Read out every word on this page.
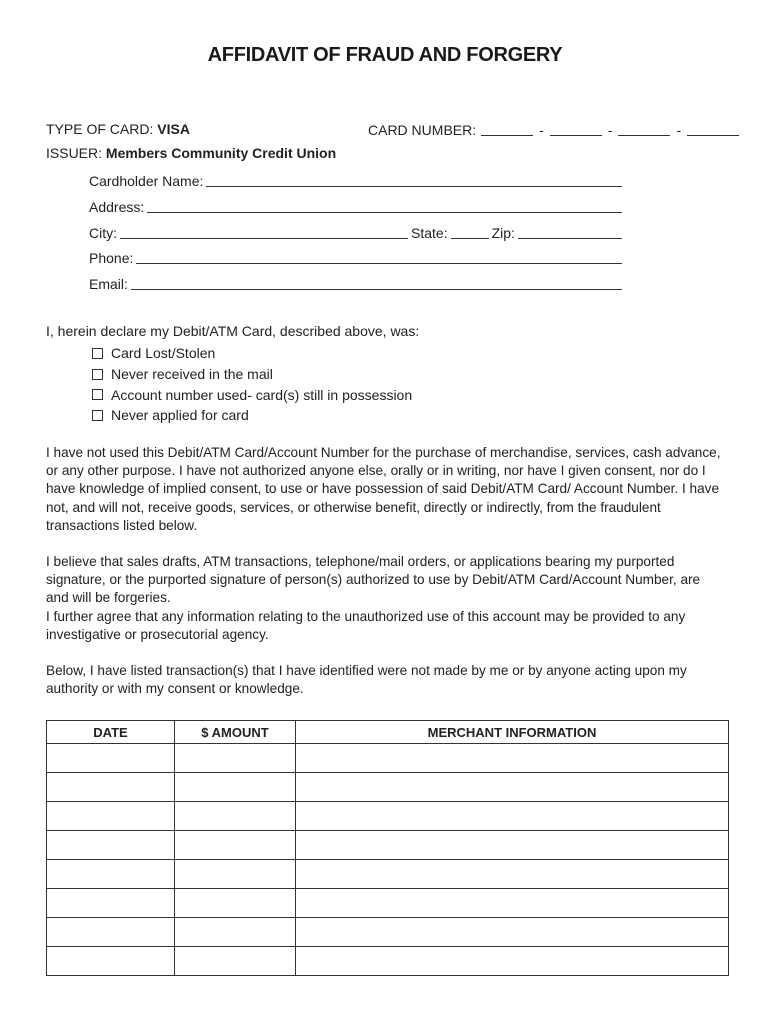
AFFIDAVIT OF FRAUD AND FORGERY
TYPE OF CARD: VISA	CARD NUMBER:	-	-	-
ISSUER: Members Community Credit Union
Cardholder Name:
Address:
City:	State:	Zip:
Phone:
Email:
I, herein declare my Debit/ATM Card, described above, was:
Card Lost/Stolen
Never received in the mail
Account number used- card(s) still in possession
Never applied for card
I have not used this Debit/ATM Card/Account Number for the purchase of merchandise, services, cash advance, or any other purpose. I have not authorized anyone else, orally or in writing, nor have I given consent, nor do I have knowledge of implied consent, to use or have possession of said Debit/ATM Card/ Account Number. I have not, and will not, receive goods, services, or otherwise benefit, directly or indirectly, from the fraudulent transactions listed below.
I believe that sales drafts, ATM transactions, telephone/mail orders, or applications bearing my purported signature, or the purported signature of person(s) authorized to use by Debit/ATM Card/Account Number, are and will be forgeries.
I further agree that any information relating to the unauthorized use of this account may be provided to any investigative or prosecutorial agency.
Below, I have listed transaction(s) that I have identified were not made by me or by anyone acting upon my authority or with my consent or knowledge.
DATE	$ AMOUNT	MERCHANT INFORMATION
